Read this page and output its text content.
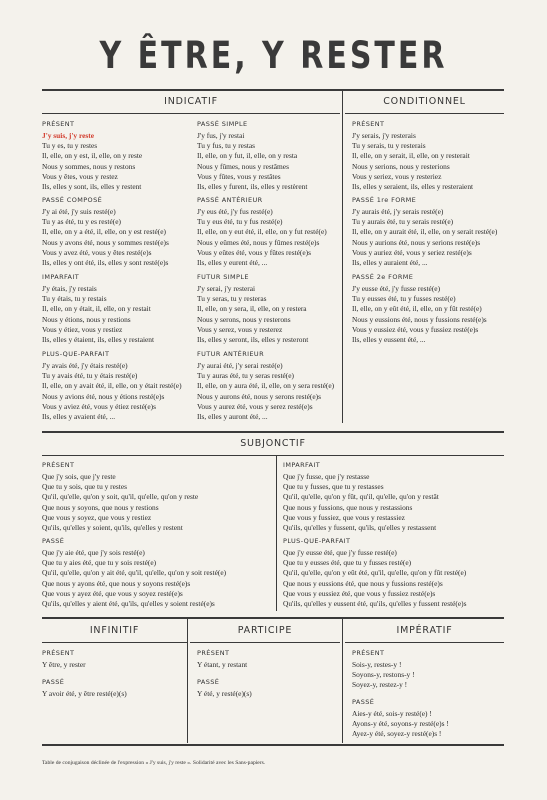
Y ÊTRE, Y RESTER
INDICATIF	CONDITIONNEL
PRÉSENT
J'y suis, j'y reste
Tu y es, tu y restes
Il, elle, on y est, il, elle, on y reste
Nous y sommes, nous y restons
Vous y êtes, vous y restez
Ils, elles y sont, ils, elles y restent
PASSÉ COMPOSÉ
J'y ai été, j'y suis resté(e)
Tu y as été, tu y es resté(e)
Il, elle, on y a été, il, elle, on y est resté(e)
Nous y avons été, nous y sommes resté(e)s
Vous y avez été, vous y êtes resté(e)s
Ils, elles y ont été, ils, elles y sont resté(e)s
IMPARFAIT
J'y étais, j'y restais
Tu y étais, tu y restais
Il, elle, on y était, il, elle, on y restait
Nous y étions, nous y restions
Vous y étiez, vous y restiez
Ils, elles y étaient, ils, elles y restaient
PLUS-QUE-PARFAIT
J'y avais été, j'y étais resté(e)
Tu y avais été, tu y étais resté(e)
Il, elle, on y avait été, il, elle, on y était resté(e)
Nous y avions été, nous y étions resté(e)s
Vous y aviez été, vous y étiez resté(e)s
Ils, elles y avaient été, ...
PASSÉ SIMPLE
J'y fus, j'y restai
Tu y fus, tu y restas
Il, elle, on y fut, il, elle, on y resta
Nous y fûmes, nous y restâmes
Vous y fûtes, vous y restâtes
Ils, elles y furent, ils, elles y restèrent
PASSÉ ANTÉRIEUR
J'y eus été, j'y fus resté(e)
Tu y eus été, tu y fus resté(e)
Il, elle, on y eut été, il, elle, on y fut resté(e)
Nous y eûmes été, nous y fûmes resté(e)s
Vous y eûtes été, vous y fûtes resté(e)s
Ils, elles y eurent été, ...
FUTUR SIMPLE
J'y serai, j'y resterai
Tu y seras, tu y resteras
Il, elle, on y sera, il, elle, on y restera
Nous y serons, nous y resterons
Vous y serez, vous y resterez
Ils, elles y seront, ils, elles y resteront
FUTUR ANTÉRIEUR
J'y aurai été, j'y serai resté(e)
Tu y auras été, tu y seras resté(e)
Il, elle, on y aura été, il, elle, on y sera resté(e)
Nous y aurons été, nous y serons resté(e)s
Vous y aurez été, vous y serez resté(e)s
Ils, elles y auront été, ...
PRÉSENT
J'y serais, j'y resterais
Tu y serais, tu y resterais
Il, elle, on y serait, il, elle, on y resterait
Nous y serions, nous y resterions
Vous y seriez, vous y resteriez
Ils, elles y seraient, ils, elles y resteraient
PASSÉ 1re FORME
J'y aurais été, j'y serais resté(e)
Tu y aurais été, tu y serais resté(e)
Il, elle, on y aurait été, il, elle, on y serait resté(e)
Nous y aurions été, nous y serions resté(e)s
Vous y auriez été, vous y seriez resté(e)s
Ils, elles y auraient été, ...
PASSÉ 2e FORME
J'y eusse été, j'y fusse resté(e)
Tu y eusses été, tu y fusses resté(e)
Il, elle, on y eût été, il, elle, on y fût resté(e)
Nous y eussions été, nous y fussions resté(e)s
Vous y eussiez été, vous y fussiez resté(e)s
Ils, elles y eussent été, ...
SUBJONCTIF
PRÉSENT
Que j'y sois, que j'y reste
Que tu y sois, que tu y restes
Qu'il, qu'elle, qu'on y soit, qu'il, qu'elle, qu'on y reste
Que nous y soyons, que nous y restions
Que vous y soyez, que vous y restiez
Qu'ils, qu'elles y soient, qu'ils, qu'elles y restent
PASSÉ
Que j'y aie été, que j'y sois resté(e)
Que tu y aies été, que tu y sois resté(e)
Qu'il, qu'elle, qu'on y ait été, qu'il, qu'elle, qu'on y soit resté(e)
Que nous y ayons été, que nous y soyons resté(e)s
Que vous y ayez été, que vous y soyez resté(e)s
Qu'ils, qu'elles y aient été, qu'ils, qu'elles y soient resté(e)s
IMPARFAIT
Que j'y fusse, que j'y restasse
Que tu y fusses, que tu y restasses
Qu'il, qu'elle, qu'on y fût, qu'il, qu'elle, qu'on y restât
Que nous y fussions, que nous y restassions
Que vous y fussiez, que vous y restassiez
Qu'ils, qu'elles y fussent, qu'ils, qu'elles y restassent
PLUS-QUE-PARFAIT
Que j'y eusse été, que j'y fusse resté(e)
Que tu y eusses été, que tu y fusses resté(e)
Qu'il, qu'elle, qu'on y eût été, qu'il, qu'elle, qu'on y fût resté(e)
Que nous y eussions été, que nous y fussions resté(e)s
Que vous y eussiez été, que vous y fussiez resté(e)s
Qu'ils, qu'elles y eussent été, qu'ils, qu'elles y fussent resté(e)s
INFINITIF	PARTICIPE	IMPÉRATIF
PRÉSENT
Y être, y rester
PASSÉ
Y avoir été, y être resté(e)(s)
PRÉSENT
Y étant, y restant
PASSÉ
Y été, y resté(e)(s)
PRÉSENT
Sois-y, restes-y !
Soyons-y, restons-y !
Soyez-y, restez-y !
PASSÉ
Aies-y été, sois-y resté(e) !
Ayons-y été, soyons-y resté(e)s !
Ayez-y été, soyez-y resté(e)s !
Table de conjugaison déclinée de l'expression « J'y suis, j'y reste ». Solidarité avec les Sans-papiers.
